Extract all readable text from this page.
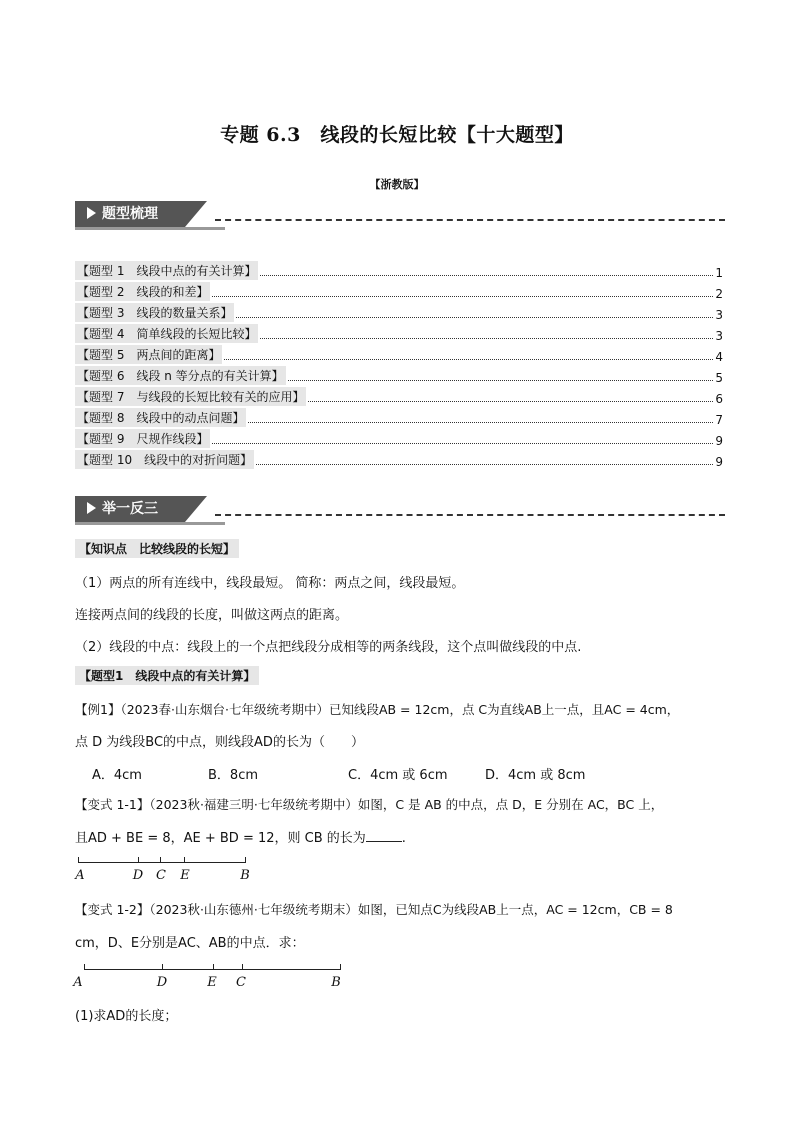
专题 6.3　线段的长短比较【十大题型】
【浙教版】
题型梳理
【题型 1　线段中点的有关计算】	1
【题型 2　线段的和差】	2
【题型 3　线段的数量关系】	3
【题型 4　简单线段的长短比较】	3
【题型 5　两点间的距离】	4
【题型 6　线段 n 等分点的有关计算】	5
【题型 7　与线段的长短比较有关的应用】	6
【题型 8　线段中的动点问题】	7
【题型 9　尺规作线段】	9
【题型 10　线段中的对折问题】	9
举一反三
【知识点　比较线段的长短】
（1）两点的所有连线中，线段最短。 简称：两点之间，线段最短。
连接两点间的线段的长度，叫做这两点的距离。
（2）线段的中点：线段上的一个点把线段分成相等的两条线段，这个点叫做线段的中点.
【题型1　线段中点的有关计算】
【例1】（2023春·山东烟台·七年级统考期中）已知线段AB = 12cm，点 C为直线AB上一点，且AC = 4cm，
点 D 为线段BC的中点，则线段AD的长为（　　）
A．4cm	B．8cm	C．4cm 或 6cm	D．4cm 或 8cm
【变式 1-1】（2023秋·福建三明·七年级统考期中）如图，C 是 AB 的中点，点 D，E 分别在 AC，BC 上，
且AD + BE = 8，AE + BD = 12，则 CB 的长为	.
A	D C E	B
【变式 1-2】（2023秋·山东德州·七年级统考期末）如图，已知点C为线段AB上一点，AC = 12cm，CB = 8
cm，D、E分别是AC、AB的中点．求：
A	D	E C	B
(1)求AD的长度；
